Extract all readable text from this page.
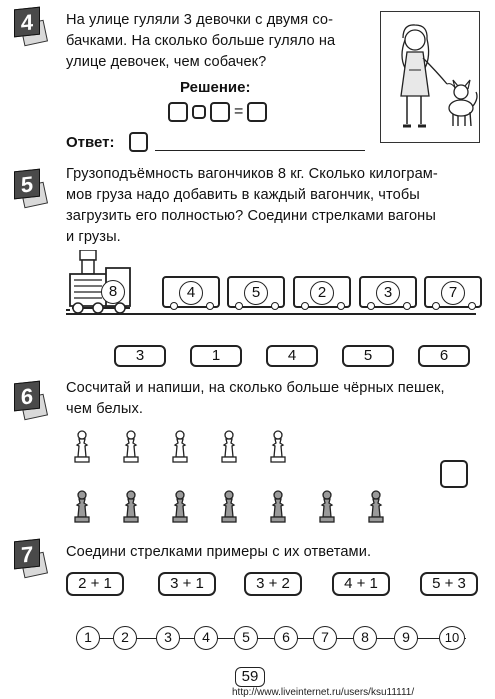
4	На улице гуляли 3 девочки с двумя со-
бачками. На сколько больше гуляло на
улице девочек, чем собачек?
Решение:
=
Ответ:
5	Грузоподъёмность вагончиков 8 кг. Сколько килограм-
мов груза надо добавить в каждый вагончик, чтобы
загрузить его полностью? Соедини стрелками вагоны
и грузы.
8	4	5	2	3	7
3	1	4	5	6
6	Сосчитай и напиши, на сколько больше чёрных пешек,
чем белых.
7	Соедини стрелками примеры с их ответами.
2 + 1	3 + 1	3 + 2	4 + 1	5 + 3
1	2	3	4	5	6	7	8	9	10
59
http://www.liveinternet.ru/users/ksu11111/
